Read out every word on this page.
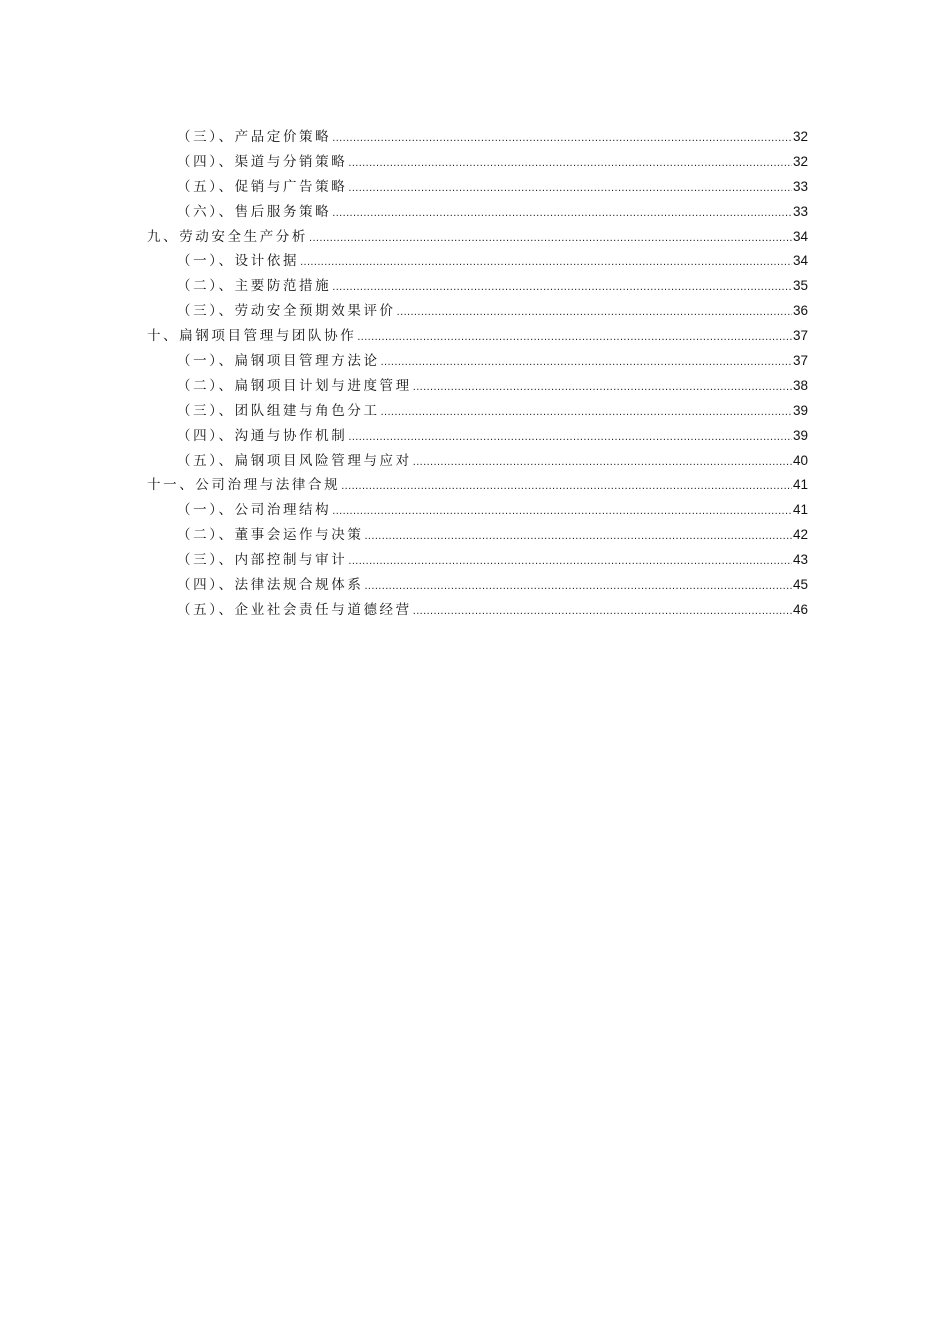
（三）、产品定价策略 .....	32
（四）、渠道与分销策略 .....	32
（五）、促销与广告策略 .....	33
（六）、售后服务策略 .....	33
九、劳动安全生产分析 .....	34
（一）、设计依据 .....	34
（二）、主要防范措施 .....	35
（三）、劳动安全预期效果评价 .....	36
十、扁钢项目管理与团队协作 .....	37
（一）、扁钢项目管理方法论 .....	37
（二）、扁钢项目计划与进度管理 .....	38
（三）、团队组建与角色分工 .....	39
（四）、沟通与协作机制 .....	39
（五）、扁钢项目风险管理与应对 .....	40
十一、公司治理与法律合规 .....	41
（一）、公司治理结构 .....	41
（二）、董事会运作与决策 .....	42
（三）、内部控制与审计 .....	43
（四）、法律法规合规体系 .....	45
（五）、企业社会责任与道德经营 .....	46
